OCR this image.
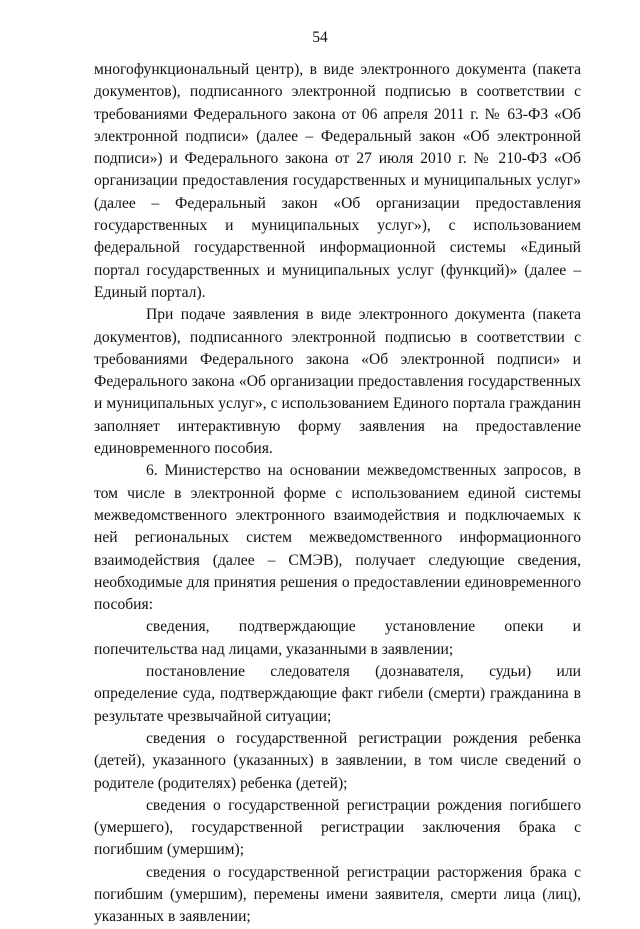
54

многофункциональный центр), в виде электронного документа (пакета документов), подписанного электронной подписью в соответствии с требованиями Федерального закона от 06 апреля 2011 г. № 63-ФЗ «Об электронной подписи» (далее – Федеральный закон «Об электронной подписи») и Федерального закона от 27 июля 2010 г. № 210-ФЗ «Об организации предоставления государственных и муниципальных услуг» (далее – Федеральный закон «Об организации предоставления государственных и муниципальных услуг»), с использованием федеральной государственной информационной системы «Единый портал государственных и муниципальных услуг (функций)» (далее – Единый портал).

При подаче заявления в виде электронного документа (пакета документов), подписанного электронной подписью в соответствии с требованиями Федерального закона «Об электронной подписи» и Федерального закона «Об организации предоставления государственных и муниципальных услуг», с использованием Единого портала гражданин заполняет интерактивную форму заявления на предоставление единовременного пособия.

6. Министерство на основании межведомственных запросов, в том числе в электронной форме с использованием единой системы межведомственного электронного взаимодействия и подключаемых к ней региональных систем межведомственного информационного взаимодействия (далее – СМЭВ), получает следующие сведения, необходимые для принятия решения о предоставлении единовременного пособия:

сведения, подтверждающие установление опеки и попечительства над лицами, указанными в заявлении;

постановление следователя (дознавателя, судьи) или определение суда, подтверждающие факт гибели (смерти) гражданина в результате чрезвычайной ситуации;

сведения о государственной регистрации рождения ребенка (детей), указанного (указанных) в заявлении, в том числе сведений о родителе (родителях) ребенка (детей);

сведения о государственной регистрации рождения погибшего (умершего), государственной регистрации заключения брака с погибшим (умершим);

сведения о государственной регистрации расторжения брака с погибшим (умершим), перемены имени заявителя, смерти лица (лиц), указанных в заявлении;
